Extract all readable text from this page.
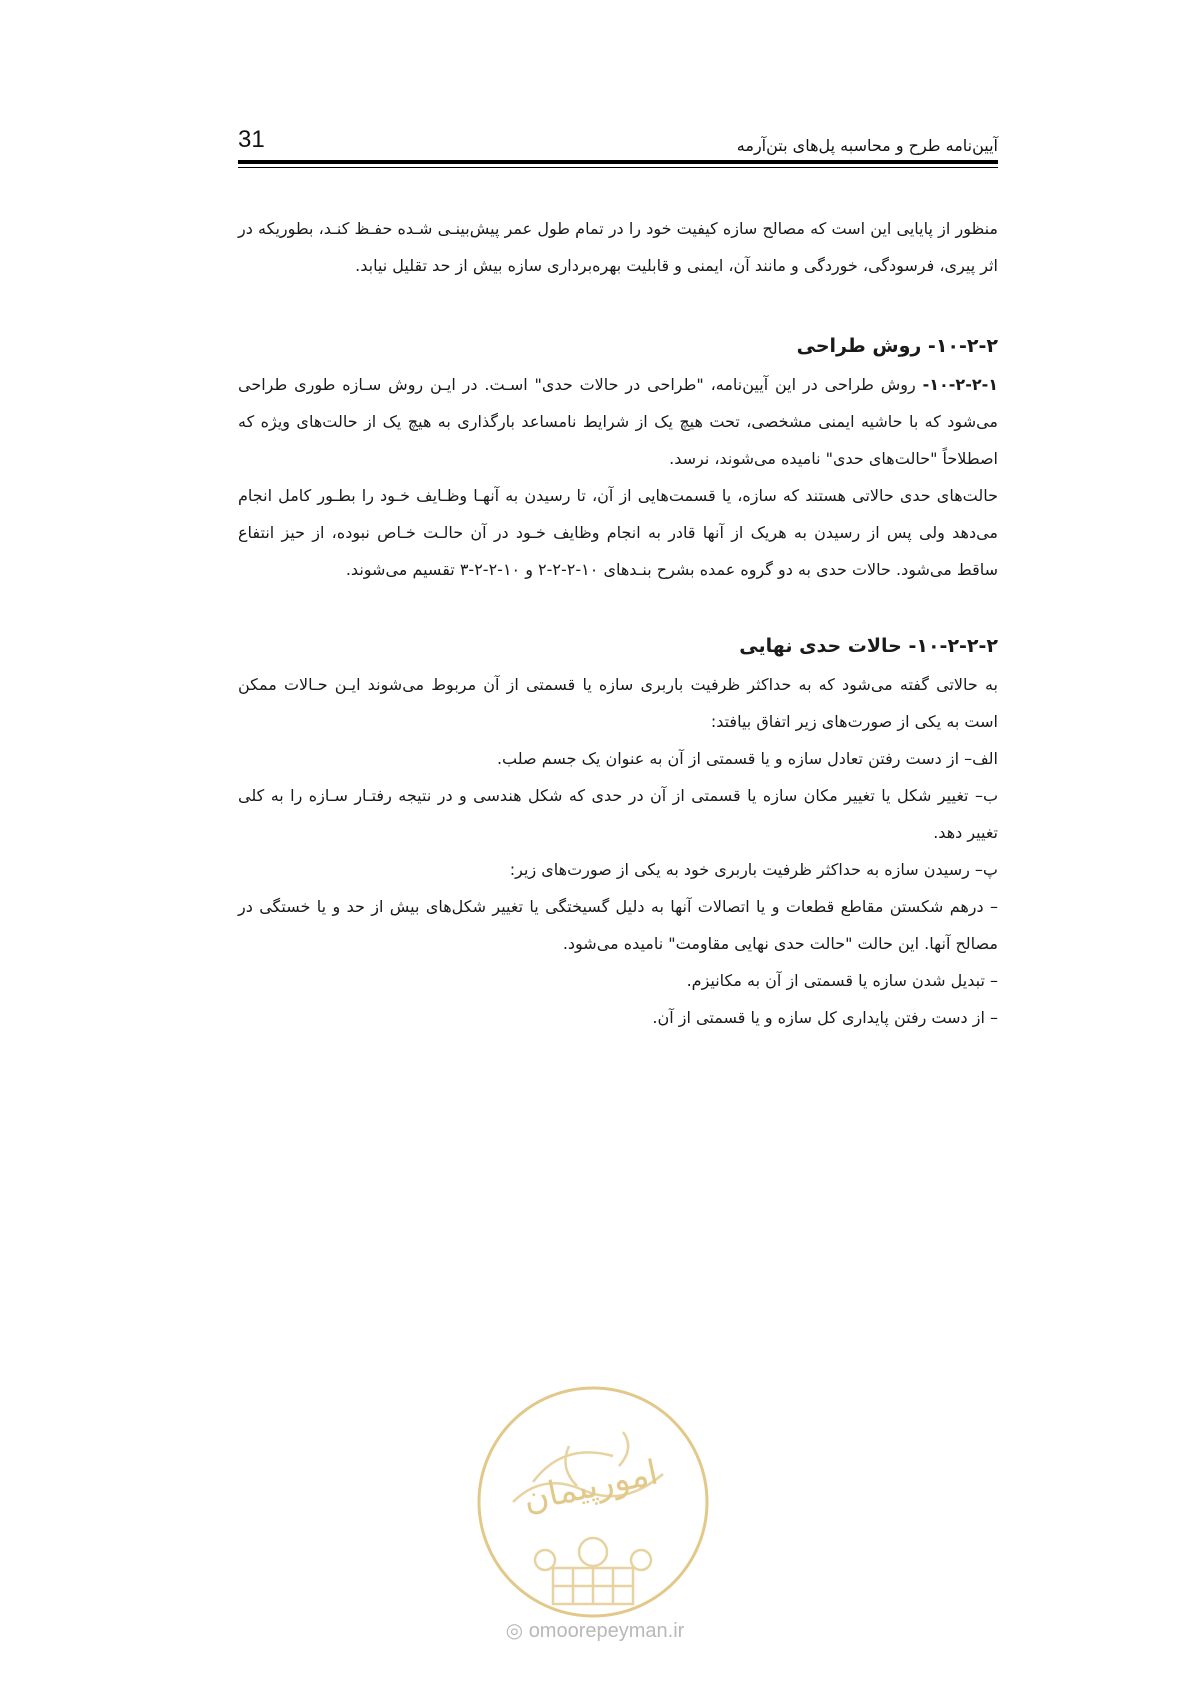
31	آیین‌نامه طرح و محاسبه پل‌های بتن‌آرمه

منظور از پایایی این است که مصالح سازه کیفیت خود را در تمام طول عمر پیش‌بینـی شـده حفـظ کنـد، بطوریکه در اثر پیری، فرسودگی، خوردگی و مانند آن، ایمنی و قابلیت بهره‌برداری سازه بیش از حد تقلیل نیابد.

۱۰-۲-۲- روش طراحی

۱۰-۲-۲-۱- روش طراحی در این آیین‌نامه، "طراحی در حالات حدی" اسـت. در ایـن روش سـازه طوری طراحی می‌شود که با حاشیه ایمنی مشخصی، تحت هیچ یک از شرایط نامساعد بارگذاری به هیچ یک از حالت‌های ویژه که اصطلاحاً "حالت‌های حدی" نامیده می‌شوند، نرسد.

حالت‌های حدی حالاتی هستند که سازه، یا قسمت‌هایی از آن، تا رسیدن به آنهـا وظـایف خـود را بطـور کامل انجام می‌دهد ولی پس از رسیدن به هریک از آنها قادر به انجام وظایف خـود در آن حالـت خـاص نبوده، از حیز انتفاع ساقط می‌شود. حالات حدی به دو گروه عمده بشرح بنـدهای ۱۰-۲-۲-۲ و ۱۰-۲-۲-۳ تقسیم می‌شوند.

۱۰-۲-۲-۲- حالات حدی نهایی

به حالاتی گفته می‌شود که به حداکثر ظرفیت باربری سازه یا قسمتی از آن مربوط می‌شوند ایـن حـالات ممکن است به یکی از صورت‌های زیر اتفاق بیافتد:

الف– از دست رفتن تعادل سازه و یا قسمتی از آن به عنوان یک جسم صلب.

ب– تغییر شکل یا تغییر مکان سازه یا قسمتی از آن در حدی که شکل هندسی و در نتیجه رفتـار سـازه را به کلی تغییر دهد.

پ– رسیدن سازه به حداکثر ظرفیت باربری خود به یکی از صورت‌های زیر:

– درهم شکستن مقاطع قطعات و یا اتصالات آنها به دلیل گسیختگی یا تغییر شکل‌های بیش از حد و یا خستگی در مصالح آنها. این حالت "حالت حدی نهایی مقاومت" نامیده می‌شود.

– تبدیل شدن سازه یا قسمتی از آن به مکانیزم.

– از دست رفتن پایداری کل سازه و یا قسمتی از آن.

امورپیمان
◎ omoorepeyman.ir
